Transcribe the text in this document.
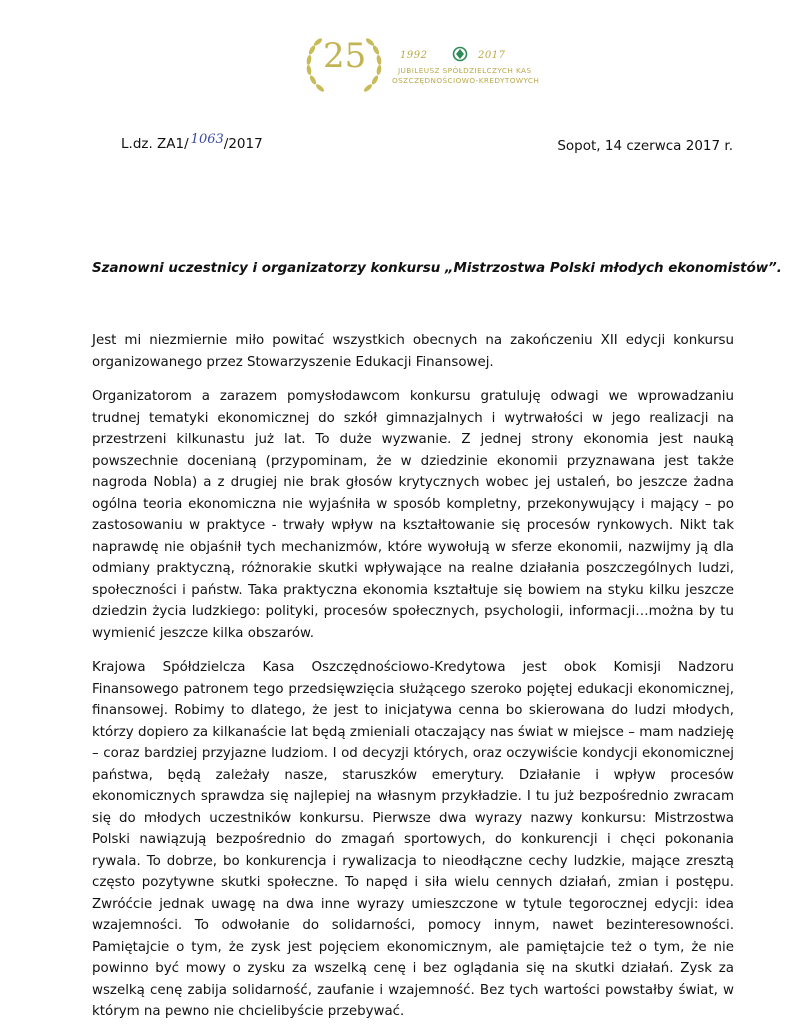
25	1992	2017
JUBILEUSZ SPÓŁDZIELCZYCH KAS
OSZCZĘDNOŚCIOWO-KREDYTOWYCH
L.dz. ZA1/ 1063/2017	Sopot, 14 czerwca 2017 r.
Szanowni uczestnicy i organizatorzy konkursu „Mistrzostwa Polski młodych ekonomistów”.

Jest mi niezmiernie miło powitać wszystkich obecnych na zakończeniu XII edycji konkursu organizowanego przez Stowarzyszenie Edukacji Finansowej.

Organizatorom a zarazem pomysłodawcom konkursu gratuluję odwagi we wprowadzaniu trudnej tematyki ekonomicznej do szkół gimnazjalnych i wytrwałości w jego realizacji na przestrzeni kilkunastu już lat. To duże wyzwanie. Z jednej strony ekonomia jest nauką powszechnie docenianą (przypominam, że w dziedzinie ekonomii przyznawana jest także nagroda Nobla) a z drugiej nie brak głosów krytycznych wobec jej ustaleń, bo jeszcze żadna ogólna teoria ekonomiczna nie wyjaśniła w sposób kompletny, przekonywujący i mający – po zastosowaniu w praktyce - trwały wpływ na kształtowanie się procesów rynkowych. Nikt tak naprawdę nie objaśnił tych mechanizmów, które wywołują w sferze ekonomii, nazwijmy ją dla odmiany praktyczną, różnorakie skutki wpływające na realne działania poszczególnych ludzi, społeczności i państw. Taka praktyczna ekonomia kształtuje się bowiem na styku kilku jeszcze dziedzin życia ludzkiego: polityki, procesów społecznych, psychologii, informacji…można by tu wymienić jeszcze kilka obszarów.

Krajowa Spółdzielcza Kasa Oszczędnościowo-Kredytowa jest obok Komisji Nadzoru Finansowego patronem tego przedsięwzięcia służącego szeroko pojętej edukacji ekonomicznej, finansowej. Robimy to dlatego, że jest to inicjatywa cenna bo skierowana do ludzi młodych, którzy dopiero za kilkanaście lat będą zmieniali otaczający nas świat w miejsce – mam nadzieję – coraz bardziej przyjazne ludziom. I od decyzji których, oraz oczywiście kondycji ekonomicznej państwa, będą zależały nasze, staruszków emerytury. Działanie i wpływ procesów ekonomicznych sprawdza się najlepiej na własnym przykładzie. I tu już bezpośrednio zwracam się do młodych uczestników konkursu. Pierwsze dwa wyrazy nazwy konkursu: Mistrzostwa Polski nawiązują bezpośrednio do zmagań sportowych, do konkurencji i chęci pokonania rywala. To dobrze, bo konkurencja i rywalizacja to nieodłączne cechy ludzkie, mające zresztą często pozytywne skutki społeczne. To napęd i siła wielu cennych działań, zmian i postępu. Zwróćcie jednak uwagę na dwa inne wyrazy umieszczone w tytule tegorocznej edycji: idea wzajemności. To odwołanie do solidarności, pomocy innym, nawet bezinteresowności. Pamiętajcie o tym, że zysk jest pojęciem ekonomicznym, ale pamiętajcie też o tym, że nie powinno być mowy o zysku za wszelką cenę i bez oglądania się na skutki działań. Zysk za wszelką cenę zabija solidarność, zaufanie i wzajemność. Bez tych wartości powstałby świat, w którym na pewno nie chcielibyście przebywać.
